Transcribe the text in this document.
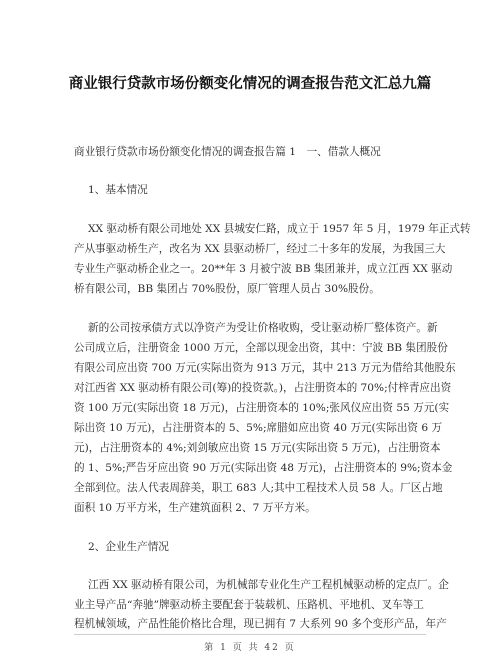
商业银行贷款市场份额变化情况的调查报告范文汇总九篇
商业银行贷款市场份额变化情况的调查报告篇 1　一、借款人概况
1、基本情况
XX 驱动桥有限公司地处 XX 县城安仁路，成立于 1957 年 5 月，1979 年正式转
产从事驱动桥生产，改名为 XX 县驱动桥厂，经过二十多年的发展，为我国三大
专业生产驱动桥企业之一。20**年 3 月被宁波 BB 集团兼并，成立江西 XX 驱动
桥有限公司，BB 集团占 70%股份，原厂管理人员占 30%股份。
新的公司按承债方式以净资产为受让价格收购，受让驱动桥厂整体资产。新
公司成立后，注册资金 1000 万元，全部以现金出资，其中：宁波 BB 集团股份
有限公司应出资 700 万元(实际出资为 913 万元，其中 213 万元为借给其他股东
对江西省 XX 驱动桥有限公司(筹)的投资款。)，占注册资本的 70%;付梓青应出资
资 100 万元(实际出资 18 万元)，占注册资本的 10%;张风仪应出资 55 万元(实
际出资 10 万元)，占注册资本的 5、5%;席腊如应出资 40 万元(实际出资 6 万
元)，占注册资本的 4%;刘剑敏应出资 15 万元(实际出资 5 万元)，占注册资本
的 1、5%;严告牙应出资 90 万元(实际出资 48 万元)，占注册资本的 9%;资本金
全部到位。法人代表周辞美，职工 683 人;其中工程技术人员 58 人。厂区占地
面积 10 万平方米，生产建筑面积 2、7 万平方米。
2、企业生产情况
江西 XX 驱动桥有限公司，为机械部专业化生产工程机械驱动桥的定点厂。企
业主导产品“奔驰”牌驱动桥主要配套于装载机、压路机、平地机、叉车等工
程机械领域，产品性能价格比合理，现已拥有 7 大系列 90 多个变形产品，年产
第 1 页 共 42 页
